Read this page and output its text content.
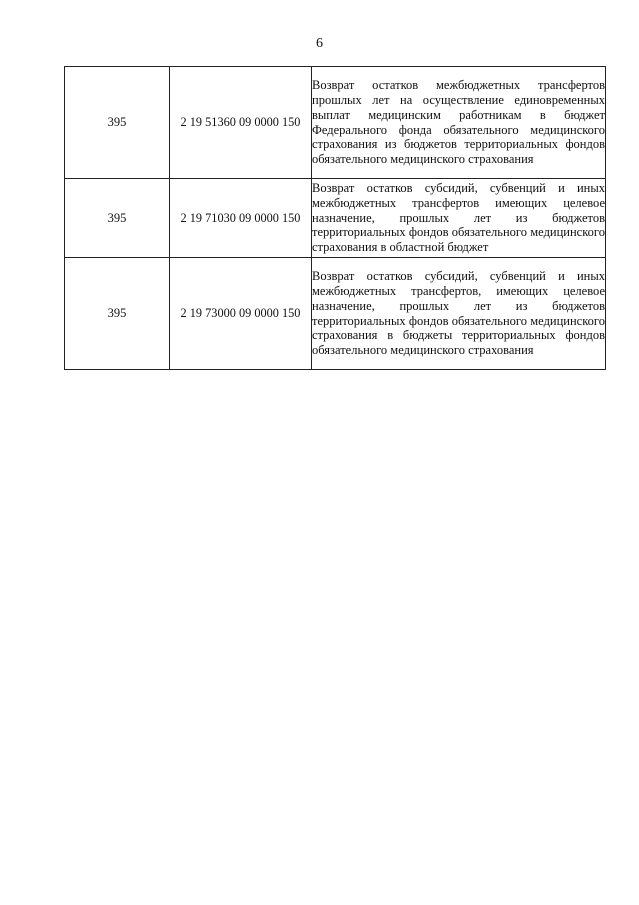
6
395	2 19 51360 09 0000 150	Возврат остатков межбюджетных трансфертов прошлых лет на осуществление единовременных выплат медицинским работникам в бюджет Федерального фонда обязательного медицинского страхования из бюджетов территориальных фондов обязательного медицинского страхования
395	2 19 71030 09 0000 150	Возврат остатков субсидий, субвенций и иных межбюджетных трансфертов имеющих целевое назначение, прошлых лет из бюджетов территориальных фондов обязательного медицинского страхования в областной бюджет
395	2 19 73000 09 0000 150	Возврат остатков субсидий, субвенций и иных межбюджетных трансфертов, имеющих целевое назначение, прошлых лет из бюджетов территориальных фондов обязательного медицинского страхования в бюджеты территориальных фондов обязательного медицинского страхования
